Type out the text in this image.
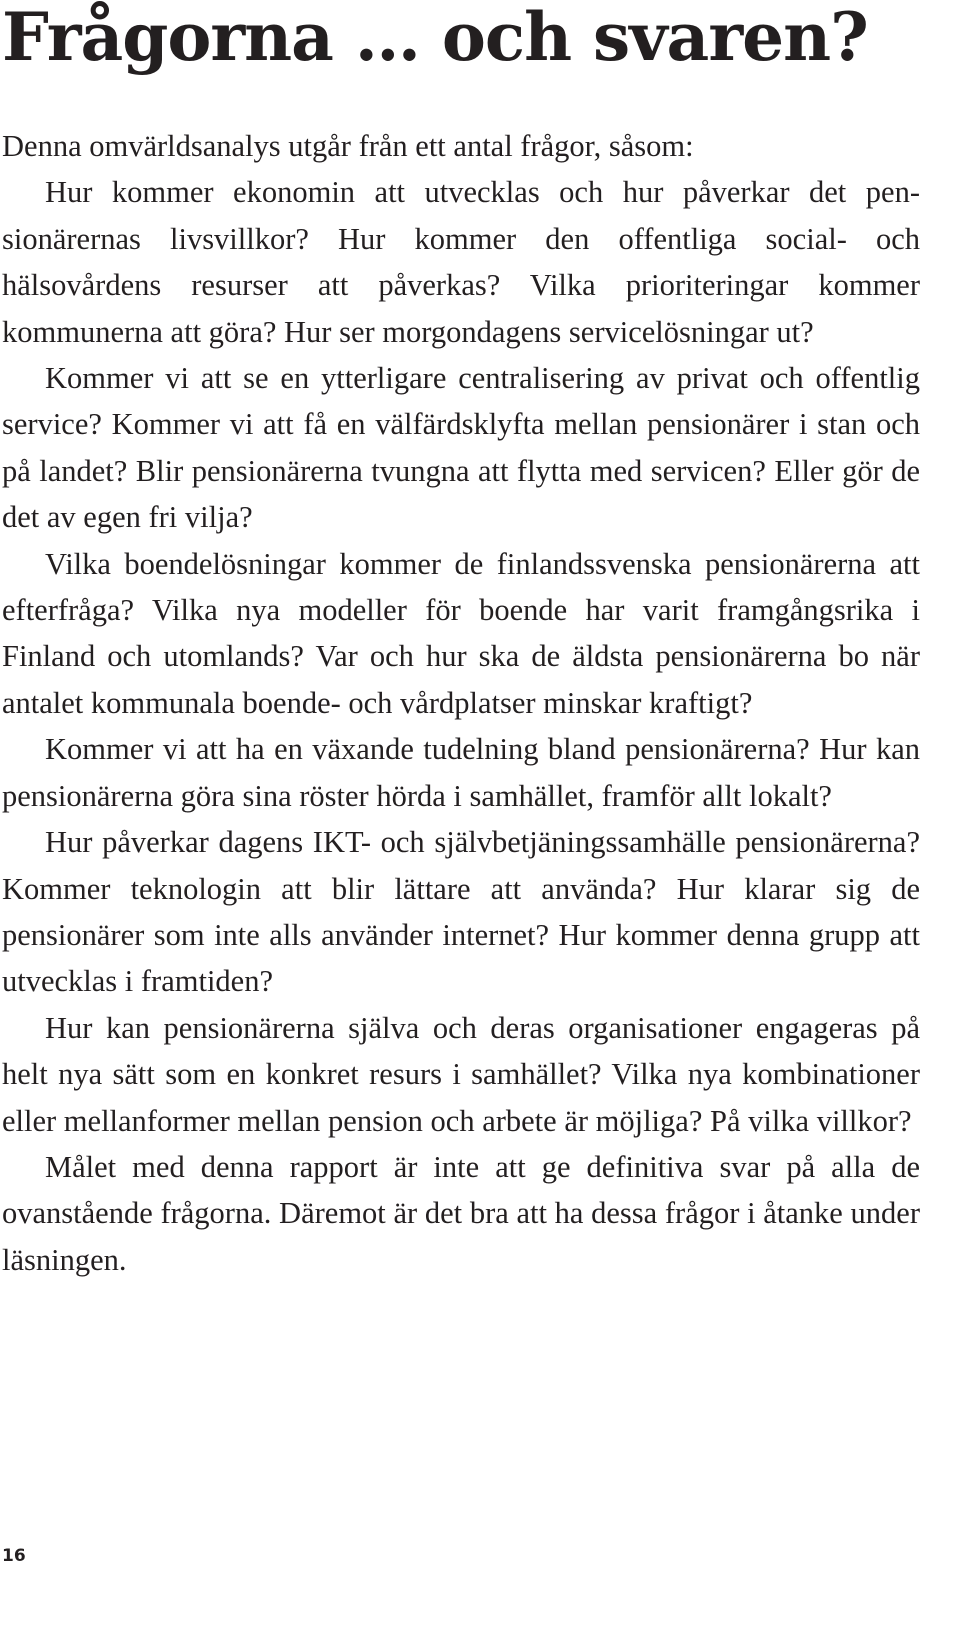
Frågorna … och svaren?

Denna omvärldsanalys utgår från ett antal frågor, såsom:

Hur kommer ekonomin att utvecklas och hur påverkar det pensionärernas livsvillkor? Hur kommer den offentliga social- och hälsovårdens resurser att påverkas? Vilka prioriteringar kommer kommunerna att göra? Hur ser morgondagens servicelösningar ut?

Kommer vi att se en ytterligare centralisering av privat och offentlig service? Kommer vi att få en välfärdsklyfta mellan pensionärer i stan och på landet? Blir pensionärerna tvungna att flytta med servicen? Eller gör de det av egen fri vilja?

Vilka boendelösningar kommer de finlandssvenska pensionärerna att efterfråga? Vilka nya modeller för boende har varit framgångsrika i Finland och utomlands? Var och hur ska de äldsta pensionärerna bo när antalet kommunala boende- och vårdplatser minskar kraftigt?

Kommer vi att ha en växande tudelning bland pensionärerna? Hur kan pensionärerna göra sina röster hörda i samhället, framför allt lokalt?

Hur påverkar dagens IKT- och självbetjäningssamhälle pensionärerna? Kommer teknologin att blir lättare att använda? Hur klarar sig de pensionärer som inte alls använder internet? Hur kommer denna grupp att utvecklas i framtiden?

Hur kan pensionärerna själva och deras organisationer engageras på helt nya sätt som en konkret resurs i samhället? Vilka nya kombinationer eller mellanformer mellan pension och arbete är möjliga? På vilka villkor?

Målet med denna rapport är inte att ge definitiva svar på alla de ovanstående frågorna. Däremot är det bra att ha dessa frågor i åtanke under läsningen.

16
